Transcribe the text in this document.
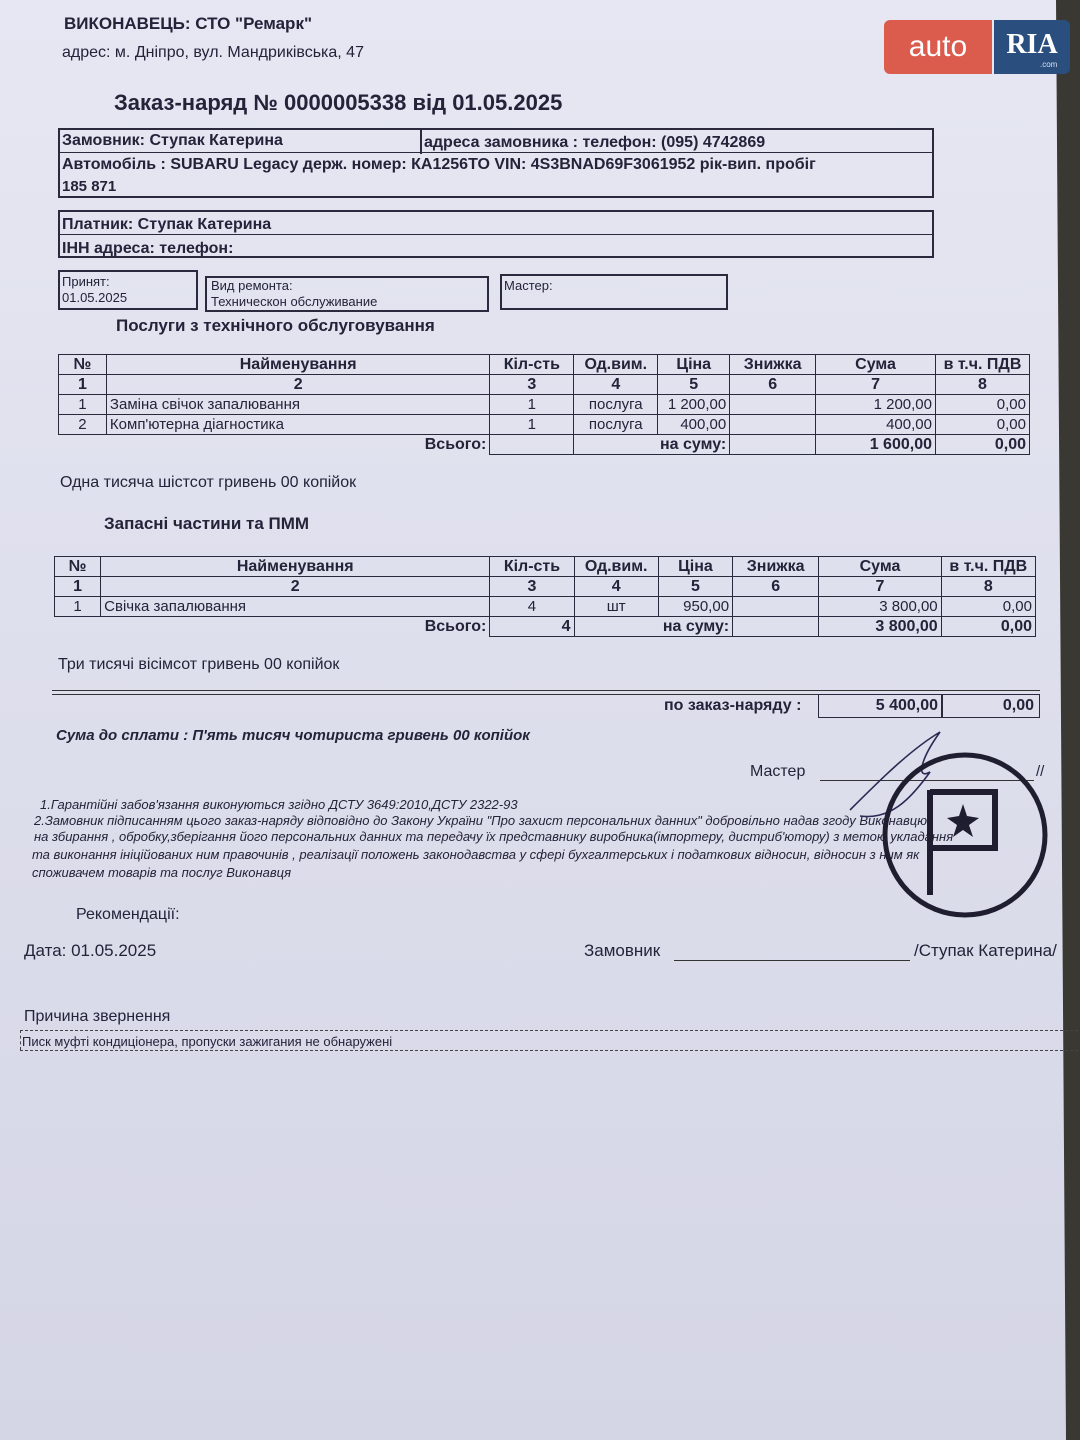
auto	RIA
.com
ВИКОНАВЕЦЬ: СТО "Ремарк"
адрес: м. Дніпро, вул. Мандриківська, 47
Заказ-наряд № 0000005338 від 01.05.2025
Замовник: Ступак Катерина	адреса замовника : телефон: (095) 4742869
Автомобіль : SUBARU Legacy держ. номер: КА1256ТО VIN: 4S3BNAD69F3061952 рік-вип. пробіг
185 871
Платник: Ступак Катерина
ІНН адреса: телефон:
Принят:
01.05.2025
Вид ремонта:
Техническон обслуживание
Мастер:
Послуги з технічного обслуговування
№	Найменування	Кіл-сть	Од.вим.	Ціна	Знижка	Сума	в т.ч. ПДВ
1	2	3	4	5	6	7	8
1	Заміна свічок запалювання	1	послуга	1 200,00		1 200,00	0,00
2	Комп'ютерна діагностика	1	послуга	400,00		400,00	0,00
Всього:			на суму:			1 600,00	0,00
Одна тисяча шістсот гривень 00 копійок
Запасні частини та ПММ
№	Найменування	Кіл-сть	Од.вим.	Ціна	Знижка	Сума	в т.ч. ПДВ
1	2	3	4	5	6	7	8
1	Свічка запалювання	4	шт	950,00		3 800,00	0,00
Всього:		4	на суму:			3 800,00	0,00
Три тисячі вісімсот гривень 00 копійок
по заказ-наряду :	5 400,00	0,00
Сума до сплати : П'ять тисяч чотириста гривень 00 копійок
Мастер	//
1.Гарантійні забов'язання виконуються згідно ДСТУ 3649:2010,ДСТУ 2322-93
2.Замовник підписанням цього заказ-наряду відповідно до Закону України "Про захист персональних данних" добровільно надав згоду Виконавцю
на збирання , обробку,зберігання його персональних данних та передачу їх представнику виробника(імпортеру, дистриб'ютору) з метою укладання
та виконання ініційованих ним правочинів , реалізації положень законодавства у сфері бухгалтерських і податкових відносин, відносин з ним як
споживачем товарів та послуг Виконавця
P
Рекомендації:
Дата: 01.05.2025	Замовник	/Ступак Катерина/
Причина звернення
Писк муфті кондиціонера, пропуски зажигания не обнаружені
